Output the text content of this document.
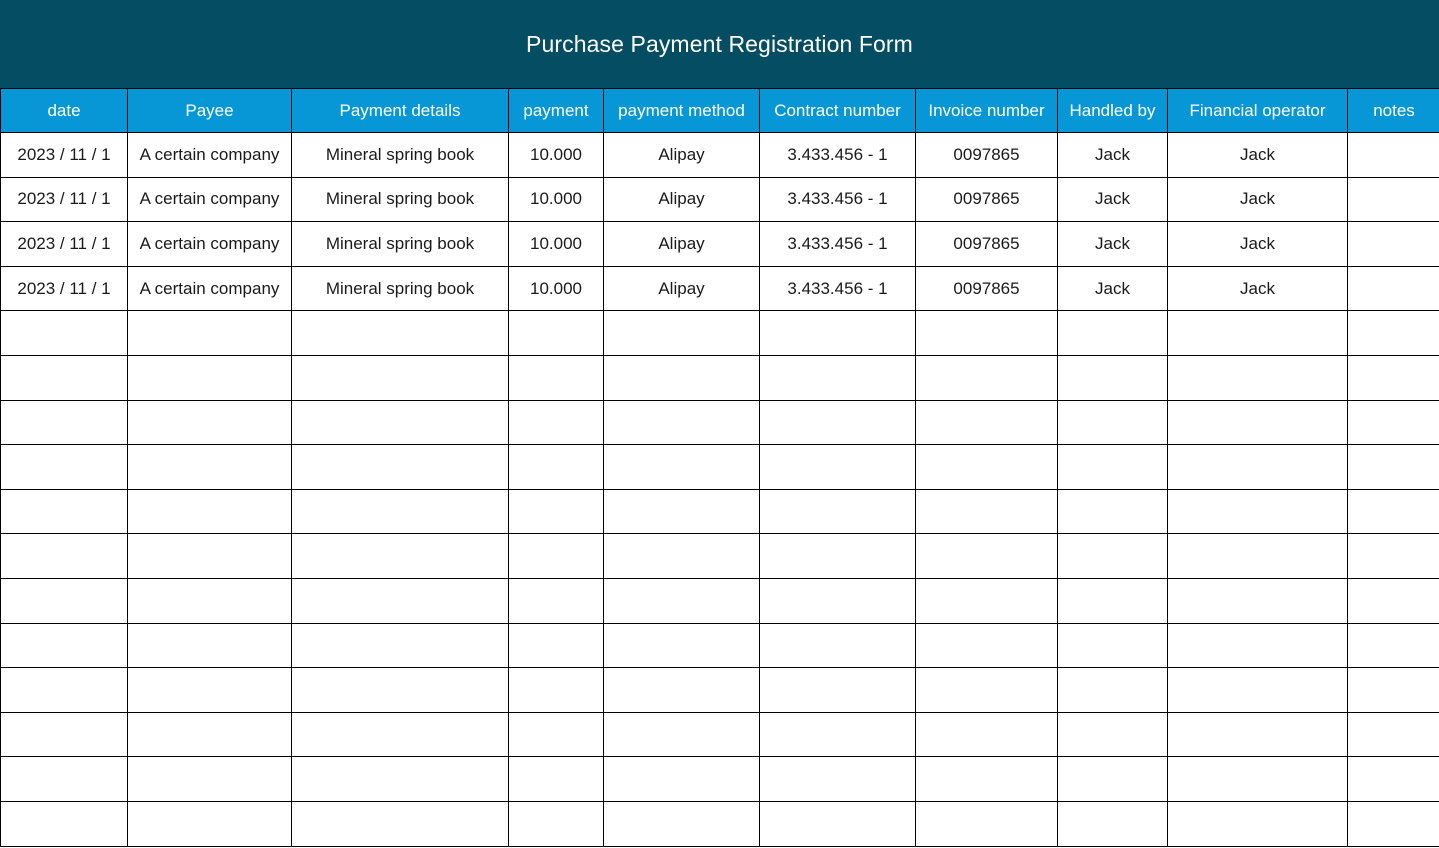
Purchase Payment Registration Form
date	Payee	Payment details	payment	payment method	Contract number	Invoice number	Handled by	Financial operator	notes
2023 / 11 / 1	A certain company	Mineral spring book	10.000	Alipay	3.433.456 - 1	0097865	Jack	Jack	
2023 / 11 / 1	A certain company	Mineral spring book	10.000	Alipay	3.433.456 - 1	0097865	Jack	Jack	
2023 / 11 / 1	A certain company	Mineral spring book	10.000	Alipay	3.433.456 - 1	0097865	Jack	Jack	
2023 / 11 / 1	A certain company	Mineral spring book	10.000	Alipay	3.433.456 - 1	0097865	Jack	Jack	
